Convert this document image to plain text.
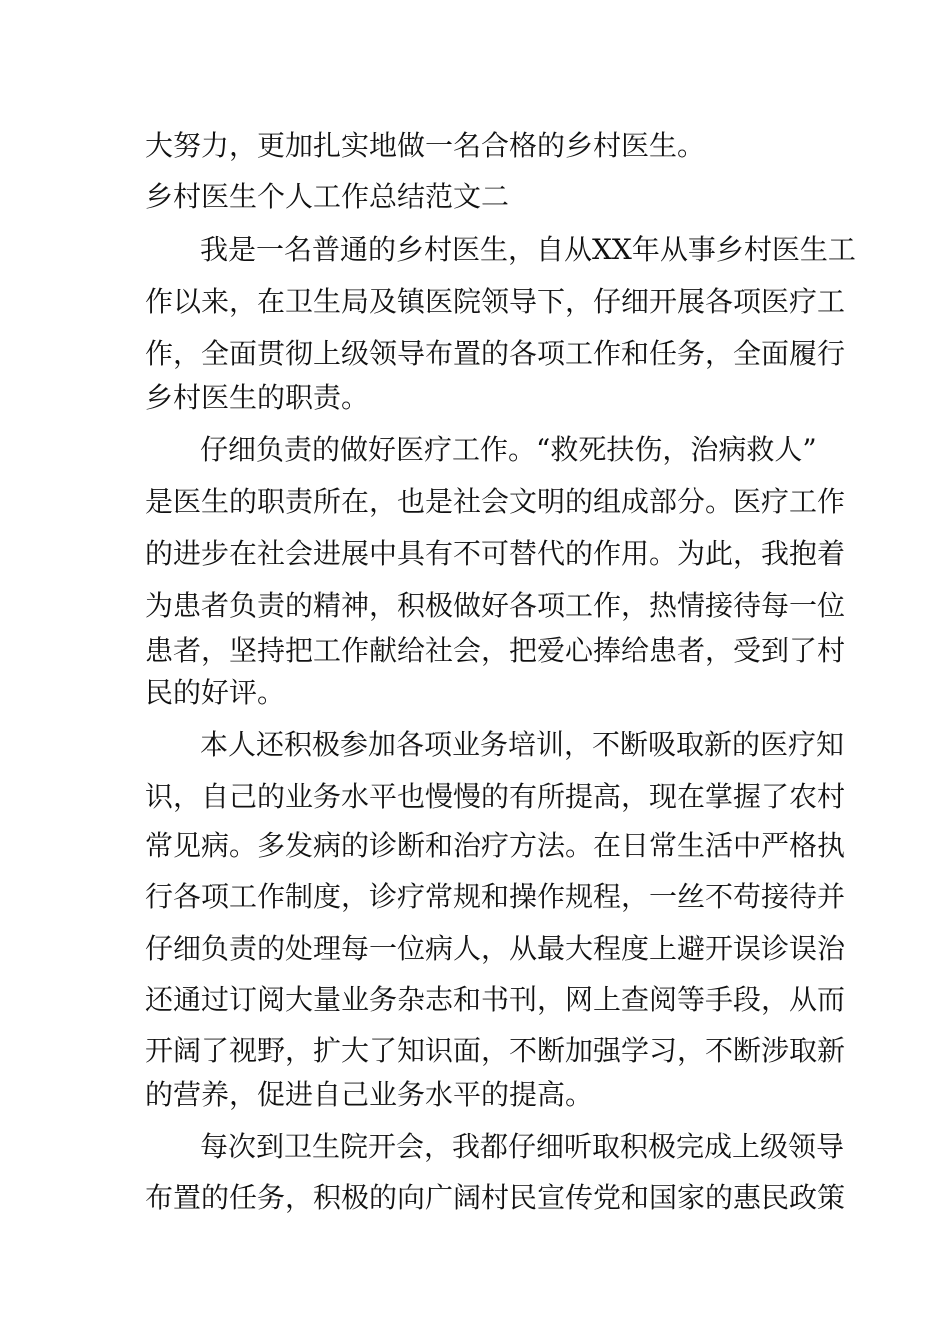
大努力，更加扎实地做一名合格的乡村医生。
乡村医生个人工作总结范文二
我是一名普通的乡村医生，自从XX年从事乡村医生工
作以来，在卫生局及镇医院领导下，仔细开展各项医疗工
作，全面贯彻上级领导布置的各项工作和任务，全面履行
乡村医生的职责。
仔细负责的做好医疗工作。“救死扶伤，治病救人”
是医生的职责所在，也是社会文明的组成部分。医疗工作
的进步在社会进展中具有不可替代的作用。为此，我抱着
为患者负责的精神，积极做好各项工作，热情接待每一位
患者，坚持把工作献给社会，把爱心捧给患者，受到了村
民的好评。
本人还积极参加各项业务培训，不断吸取新的医疗知
识，自己的业务水平也慢慢的有所提高，现在掌握了农村
常见病。多发病的诊断和治疗方法。在日常生活中严格执
行各项工作制度，诊疗常规和操作规程，一丝不苟接待并
仔细负责的处理每一位病人，从最大程度上避开误诊误治
还通过订阅大量业务杂志和书刊，网上查阅等手段，从而
开阔了视野，扩大了知识面，不断加强学习，不断涉取新
的营养，促进自己业务水平的提高。
每次到卫生院开会，我都仔细听取积极完成上级领导
布置的任务，积极的向广阔村民宣传党和国家的惠民政策
